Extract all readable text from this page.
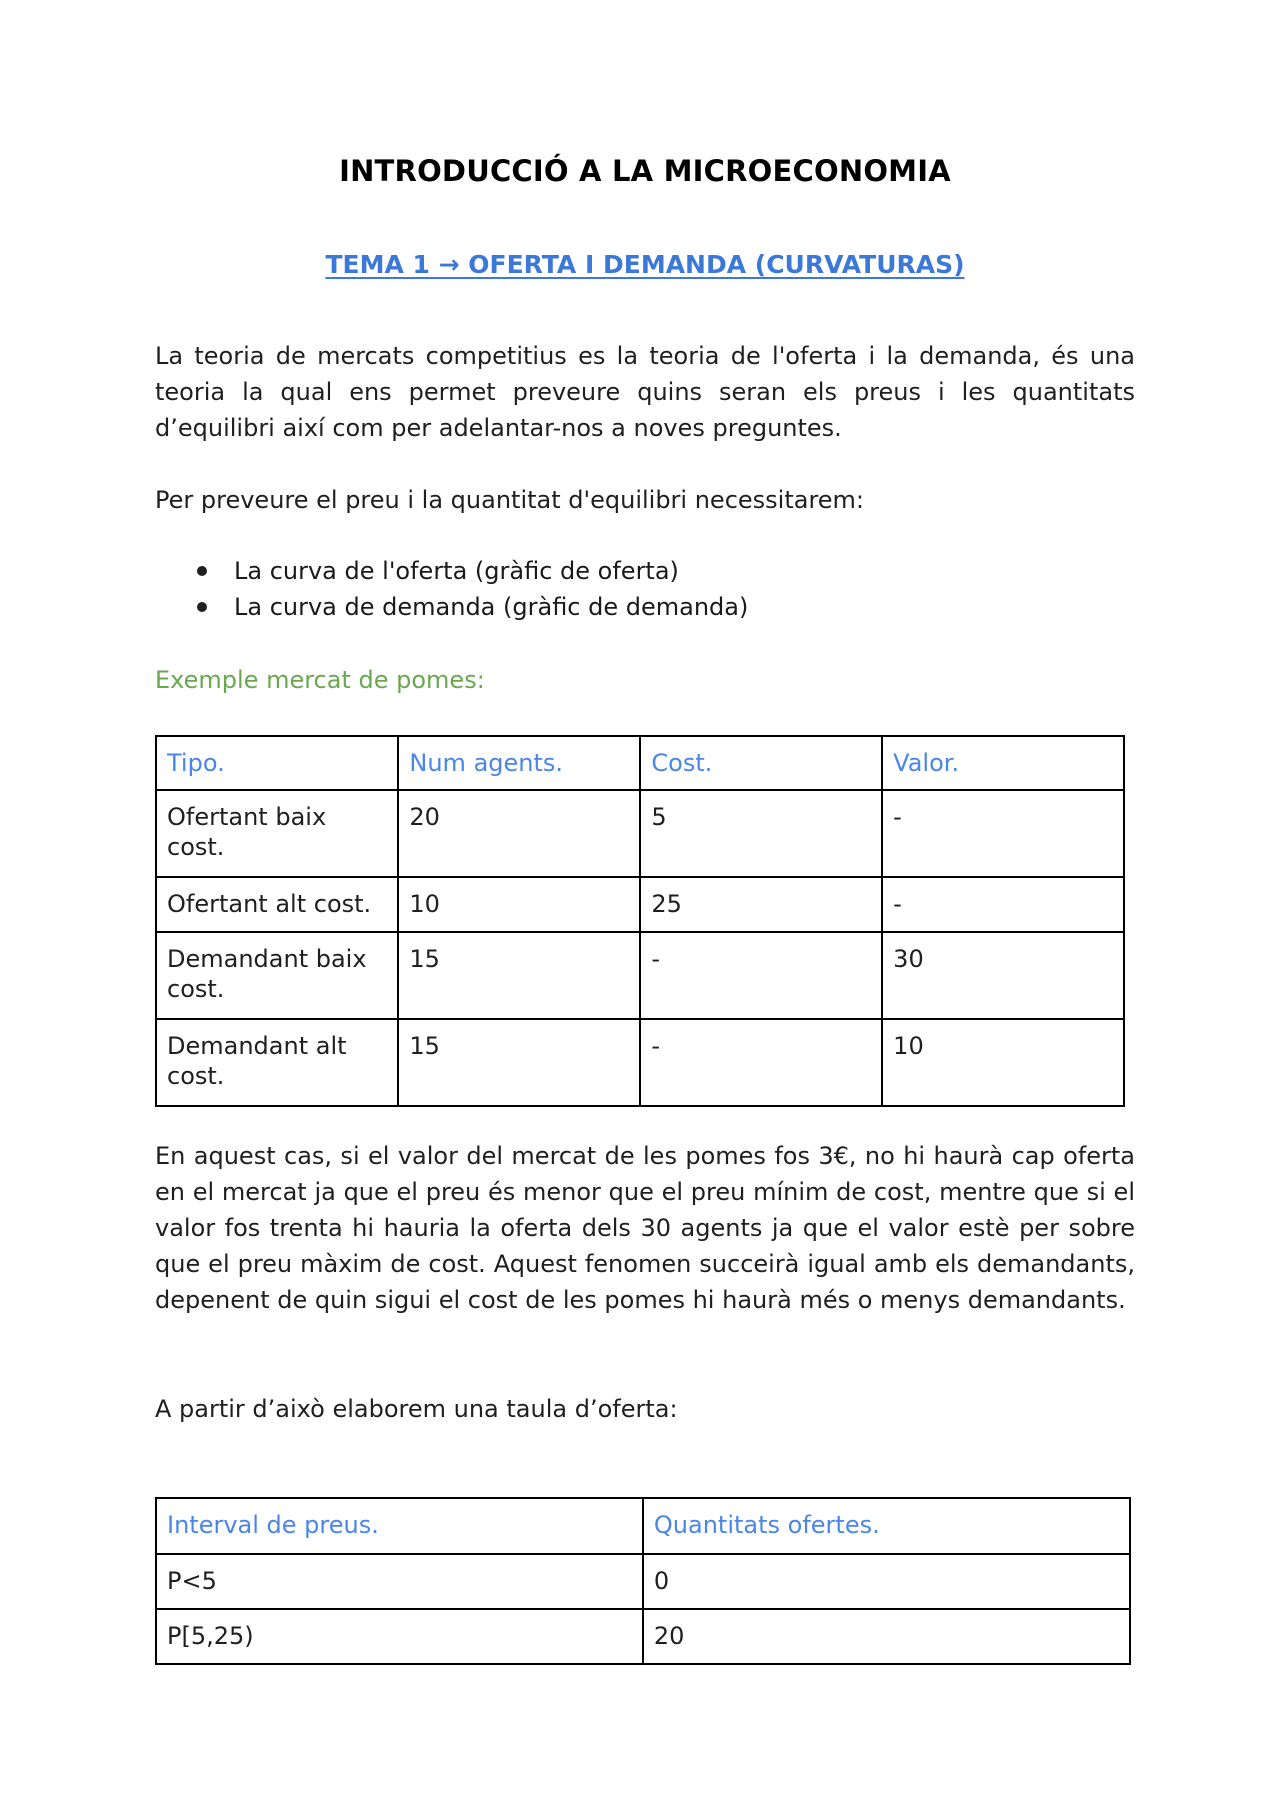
INTRODUCCIÓ A LA MICROECONOMIA
TEMA 1 → OFERTA I DEMANDA (CURVATURAS)

La teoria de mercats competitius es la teoria de l'oferta i la demanda, és una teoria la qual ens permet preveure quins seran els preus i les quantitats d’equilibri així com per adelantar-nos a noves preguntes.

Per preveure el preu i la quantitat d'equilibri necessitarem:

La curva de l'oferta (gràfic de oferta)
La curva de demanda (gràfic de demanda)

Exemple mercat de pomes:

Tipo.	Num agents.	Cost.	Valor.
Ofertant baix cost.	20	5	-
Ofertant alt cost.	10	25	-
Demandant baix cost.	15	-	30
Demandant alt cost.	15	-	10

En aquest cas, si el valor del mercat de les pomes fos 3€, no hi haurà cap oferta en el mercat ja que el preu és menor que el preu mínim de cost, mentre que si el valor fos trenta hi hauria la oferta dels 30 agents ja que el valor estè per sobre que el preu màxim de cost. Aquest fenomen succeirà igual amb els demandants, depenent de quin sigui el cost de les pomes hi haurà més o menys demandants.

A partir d’això elaborem una taula d’oferta:

Interval de preus.	Quantitats ofertes.
P<5	0
P[5,25)	20
